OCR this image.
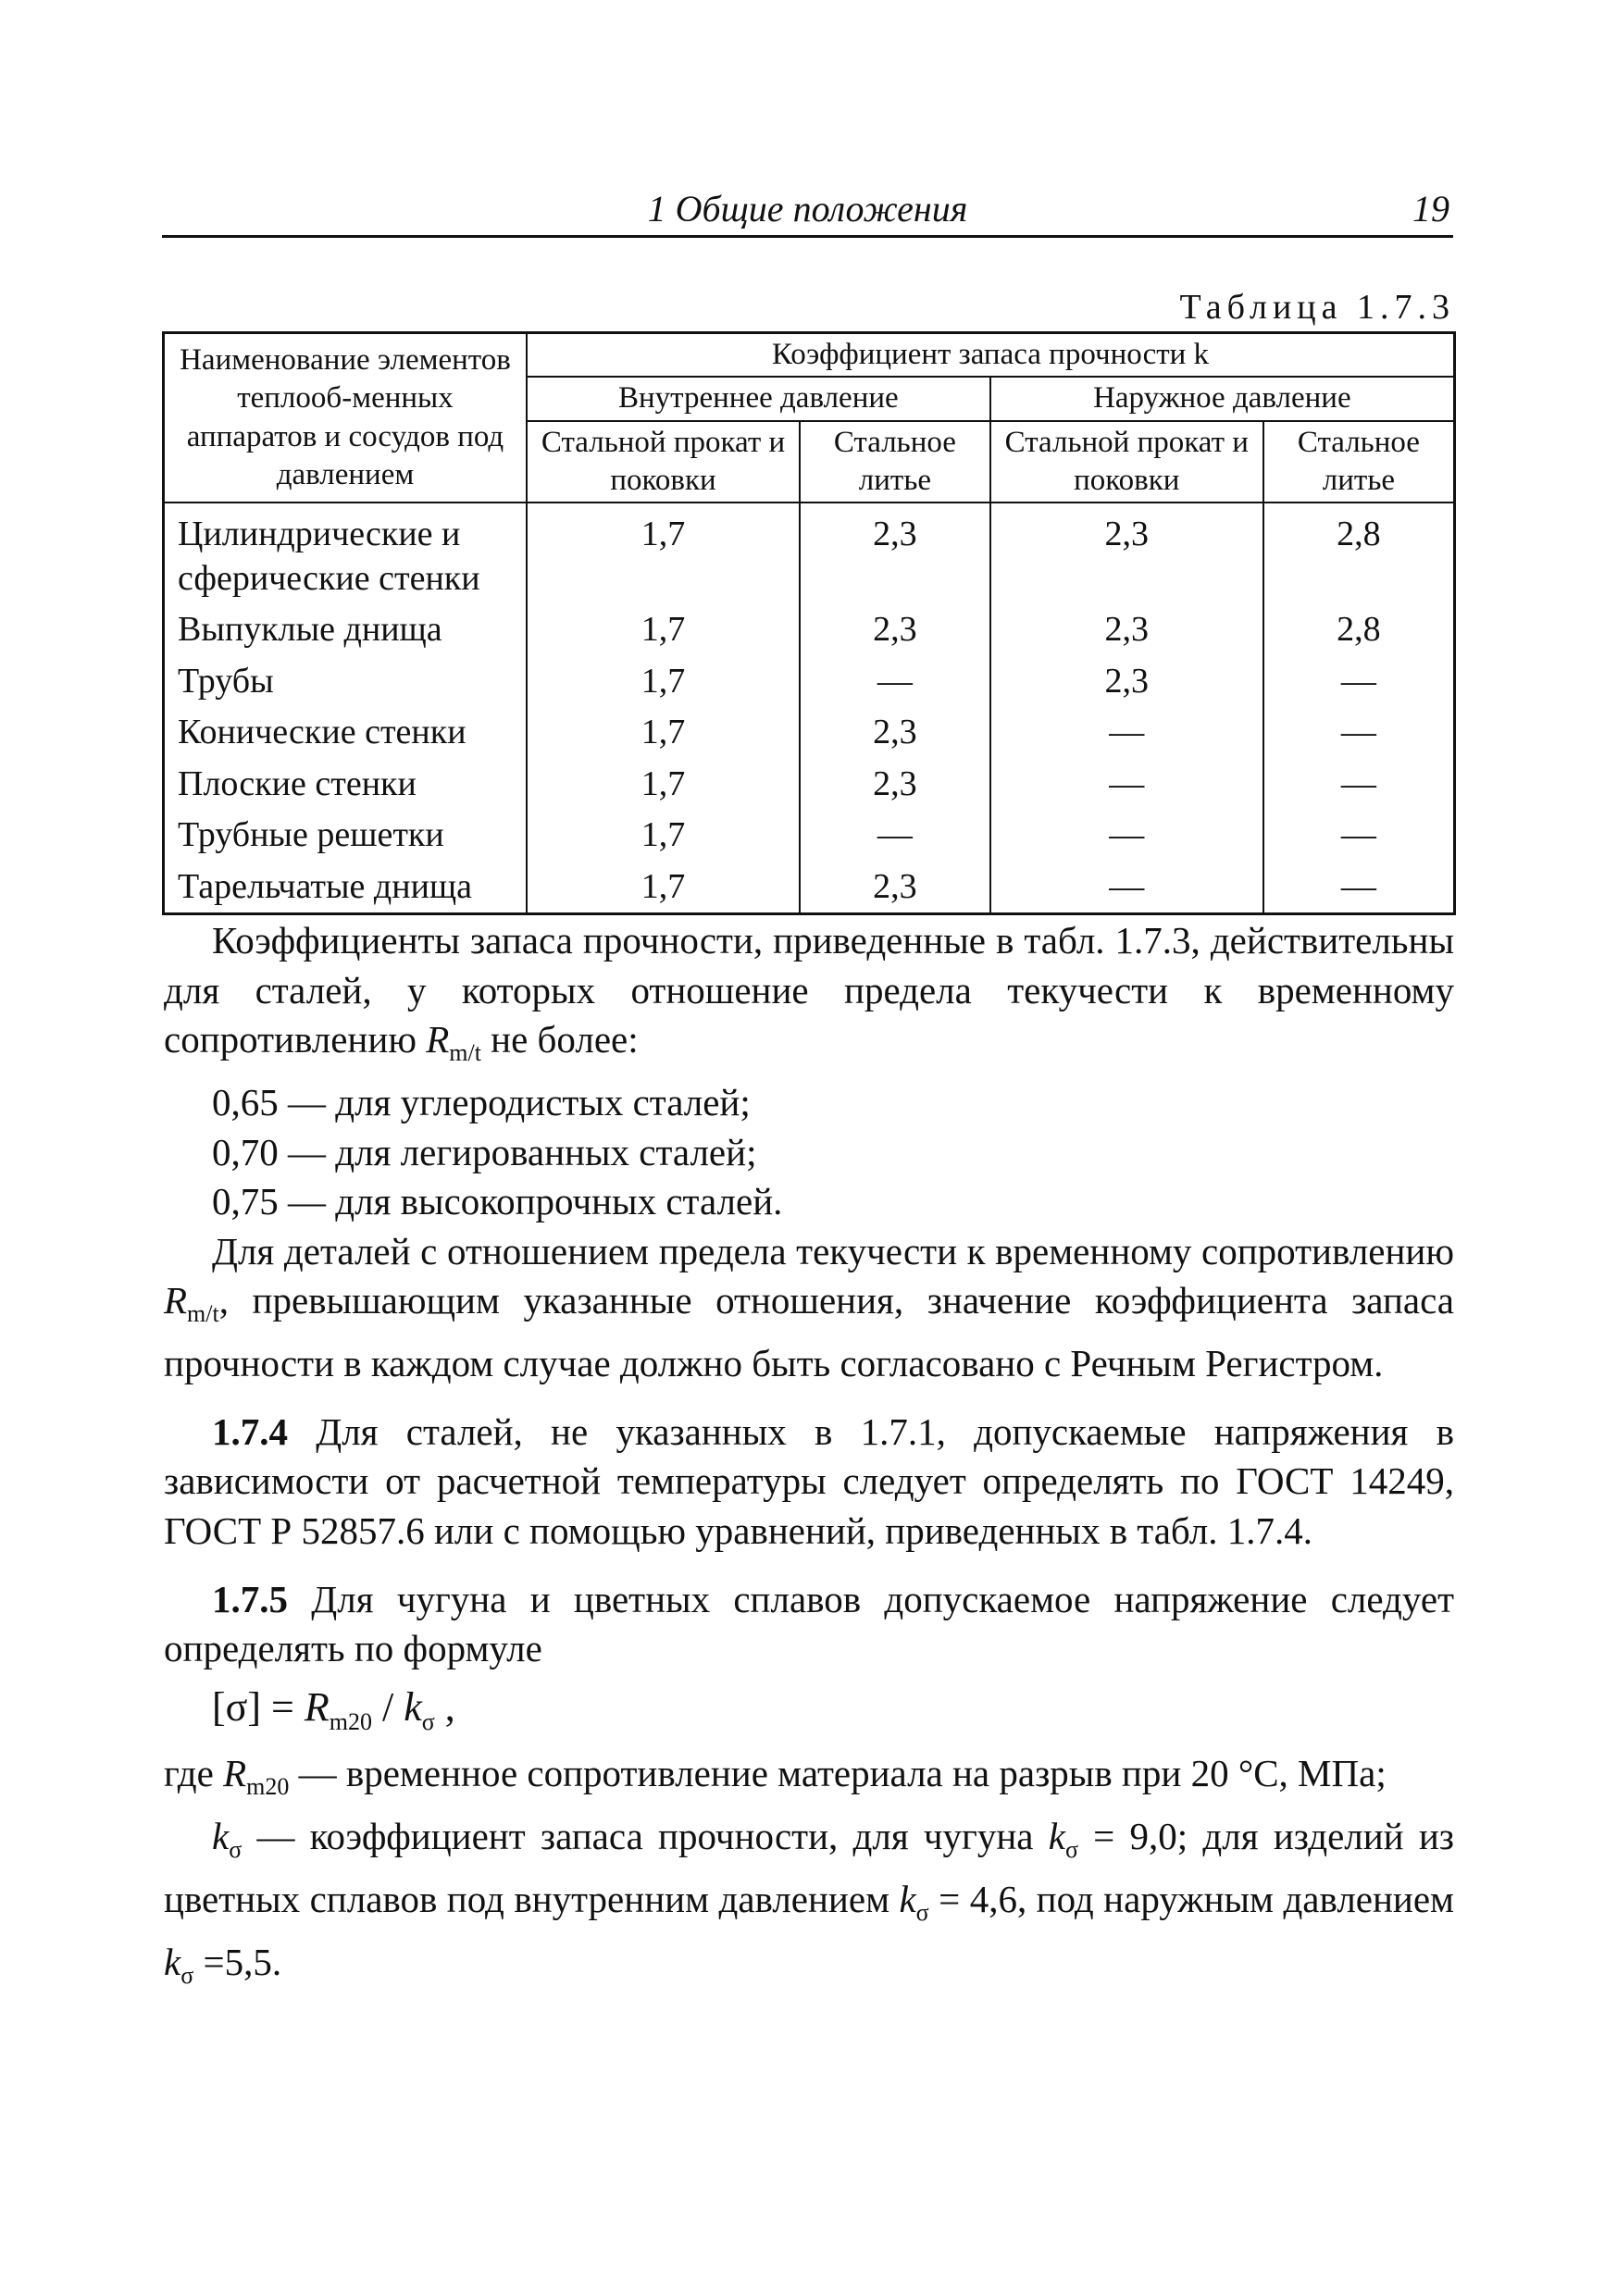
1 Общие положения	19
Таблица 1.7.3
Наименование элементов теплооб-менных аппаратов и сосудов под давлением	Коэффициент запаса прочности k			
	Внутреннее давление		Наружное давление	
	Стальной прокат и поковки	Стальное литье	Стальной прокат и поковки	Стальное литье
Цилиндрические и сферические стенки	1,7	2,3	2,3	2,8
Выпуклые днища	1,7	2,3	2,3	2,8
Трубы	1,7	—	2,3	—
Конические стенки	1,7	2,3	—	—
Плоские стенки	1,7	2,3	—	—
Трубные решетки	1,7	—	—	—
Тарельчатые днища	1,7	2,3	—	—

Коэффициенты запаса прочности, приведенные в табл. 1.7.3, действительны для сталей, у которых отношение предела текучести к временному сопротивлению $R_{m/t}$ не более:

0,65 — для углеродистых сталей;

0,70 — для легированных сталей;

0,75 — для высокопрочных сталей.

Для деталей с отношением предела текучести к временному сопротивлению $R_{m/t}$, превышающим указанные отношения, значение коэффициента запаса прочности в каждом случае должно быть согласовано с Речным Регистром.

1.7.4 Для сталей, не указанных в 1.7.1, допускаемые напряжения в зависимости от расчетной температуры следует определять по ГОСТ 14249, ГОСТ Р 52857.6 или с помощью уравнений, приведенных в табл. 1.7.4.

1.7.5 Для чугуна и цветных сплавов допускаемое напряжение следует определять по формуле

$[\sigma] = R_{m20} / k_\sigma$ ,

где $R_{m20}$ — временное сопротивление материала на разрыв при 20 °С, МПа;

$k_\sigma$ — коэффициент запаса прочности, для чугуна $k_\sigma = 9,0$; для изделий из цветных сплавов под внутренним давлением $k_\sigma = 4,6$, под наружным давлением $k_\sigma =5,5$.
